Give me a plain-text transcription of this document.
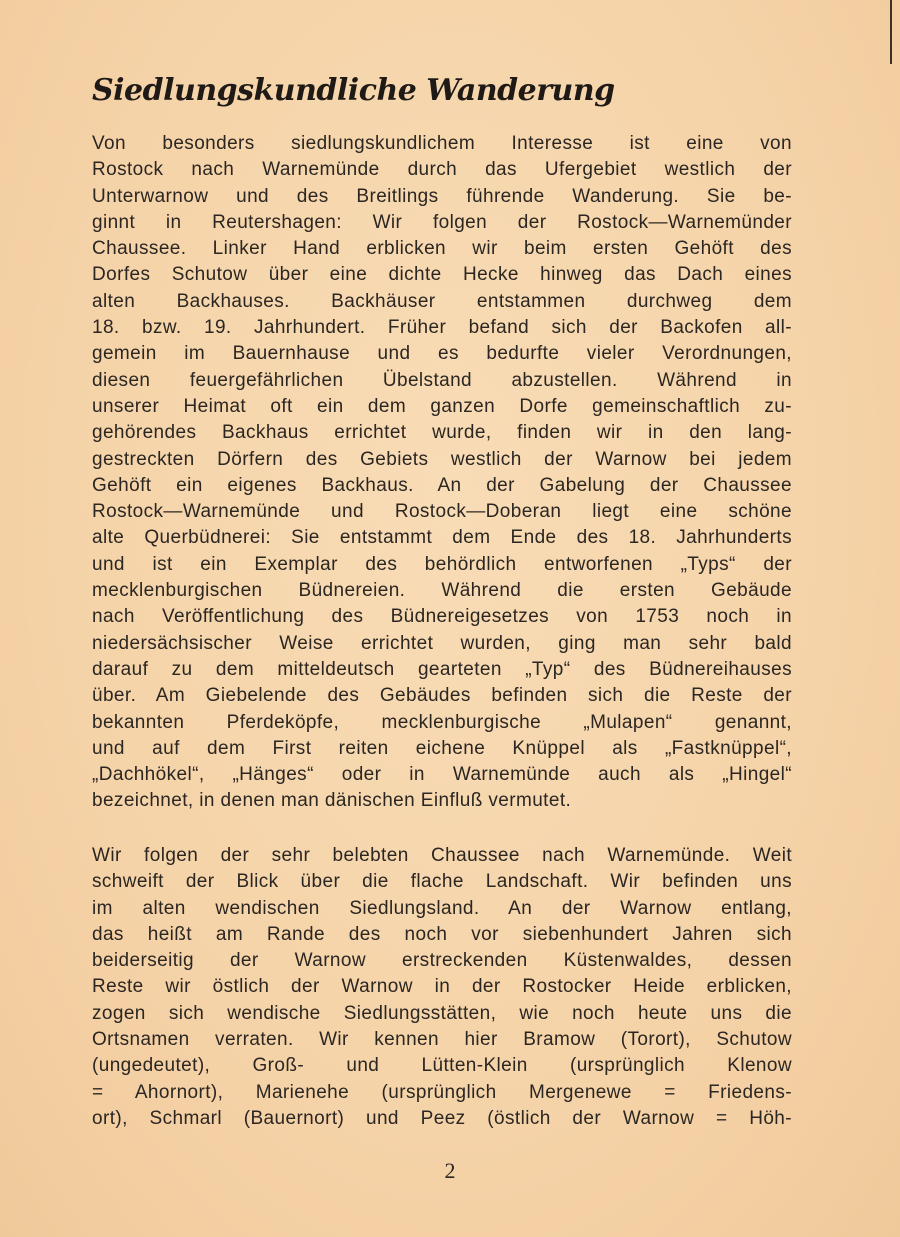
Siedlungskundliche Wanderung
Von besonders siedlungskundlichem Interesse ist eine von
Rostock nach Warnemünde durch das Ufergebiet westlich der
Unterwarnow und des Breitlings führende Wanderung. Sie be-
ginnt in Reutershagen: Wir folgen der Rostock—Warnemünder
Chaussee. Linker Hand erblicken wir beim ersten Gehöft des
Dorfes Schutow über eine dichte Hecke hinweg das Dach eines
alten Backhauses. Backhäuser entstammen durchweg dem
18. bzw. 19. Jahrhundert. Früher befand sich der Backofen all-
gemein im Bauernhause und es bedurfte vieler Verordnungen,
diesen feuergefährlichen Übelstand abzustellen. Während in
unserer Heimat oft ein dem ganzen Dorfe gemeinschaftlich zu-
gehörendes Backhaus errichtet wurde, finden wir in den lang-
gestreckten Dörfern des Gebiets westlich der Warnow bei jedem
Gehöft ein eigenes Backhaus. An der Gabelung der Chaussee
Rostock—Warnemünde und Rostock—Doberan liegt eine schöne
alte Querbüdnerei: Sie entstammt dem Ende des 18. Jahrhunderts
und ist ein Exemplar des behördlich entworfenen „Typs“ der
mecklenburgischen Büdnereien. Während die ersten Gebäude
nach Veröffentlichung des Büdnereigesetzes von 1753 noch in
niedersächsischer Weise errichtet wurden, ging man sehr bald
darauf zu dem mitteldeutsch gearteten „Typ“ des Büdnereihauses
über. Am Giebelende des Gebäudes befinden sich die Reste der
bekannten Pferdeköpfe, mecklenburgische „Mulapen“ genannt,
und auf dem First reiten eichene Knüppel als „Fastknüppel“,
„Dachhökel“, „Hänges“ oder in Warnemünde auch als „Hingel“
bezeichnet, in denen man dänischen Einfluß vermutet.
Wir folgen der sehr belebten Chaussee nach Warnemünde. Weit
schweift der Blick über die flache Landschaft. Wir befinden uns
im alten wendischen Siedlungsland. An der Warnow entlang,
das heißt am Rande des noch vor siebenhundert Jahren sich
beiderseitig der Warnow erstreckenden Küstenwaldes, dessen
Reste wir östlich der Warnow in der Rostocker Heide erblicken,
zogen sich wendische Siedlungsstätten, wie noch heute uns die
Ortsnamen verraten. Wir kennen hier Bramow (Torort), Schutow
(ungedeutet), Groß- und Lütten-Klein (ursprünglich Klenow
= Ahornort), Marienehe (ursprünglich Mergenewe = Friedens-
ort), Schmarl (Bauernort) und Peez (östlich der Warnow = Höh-
2
